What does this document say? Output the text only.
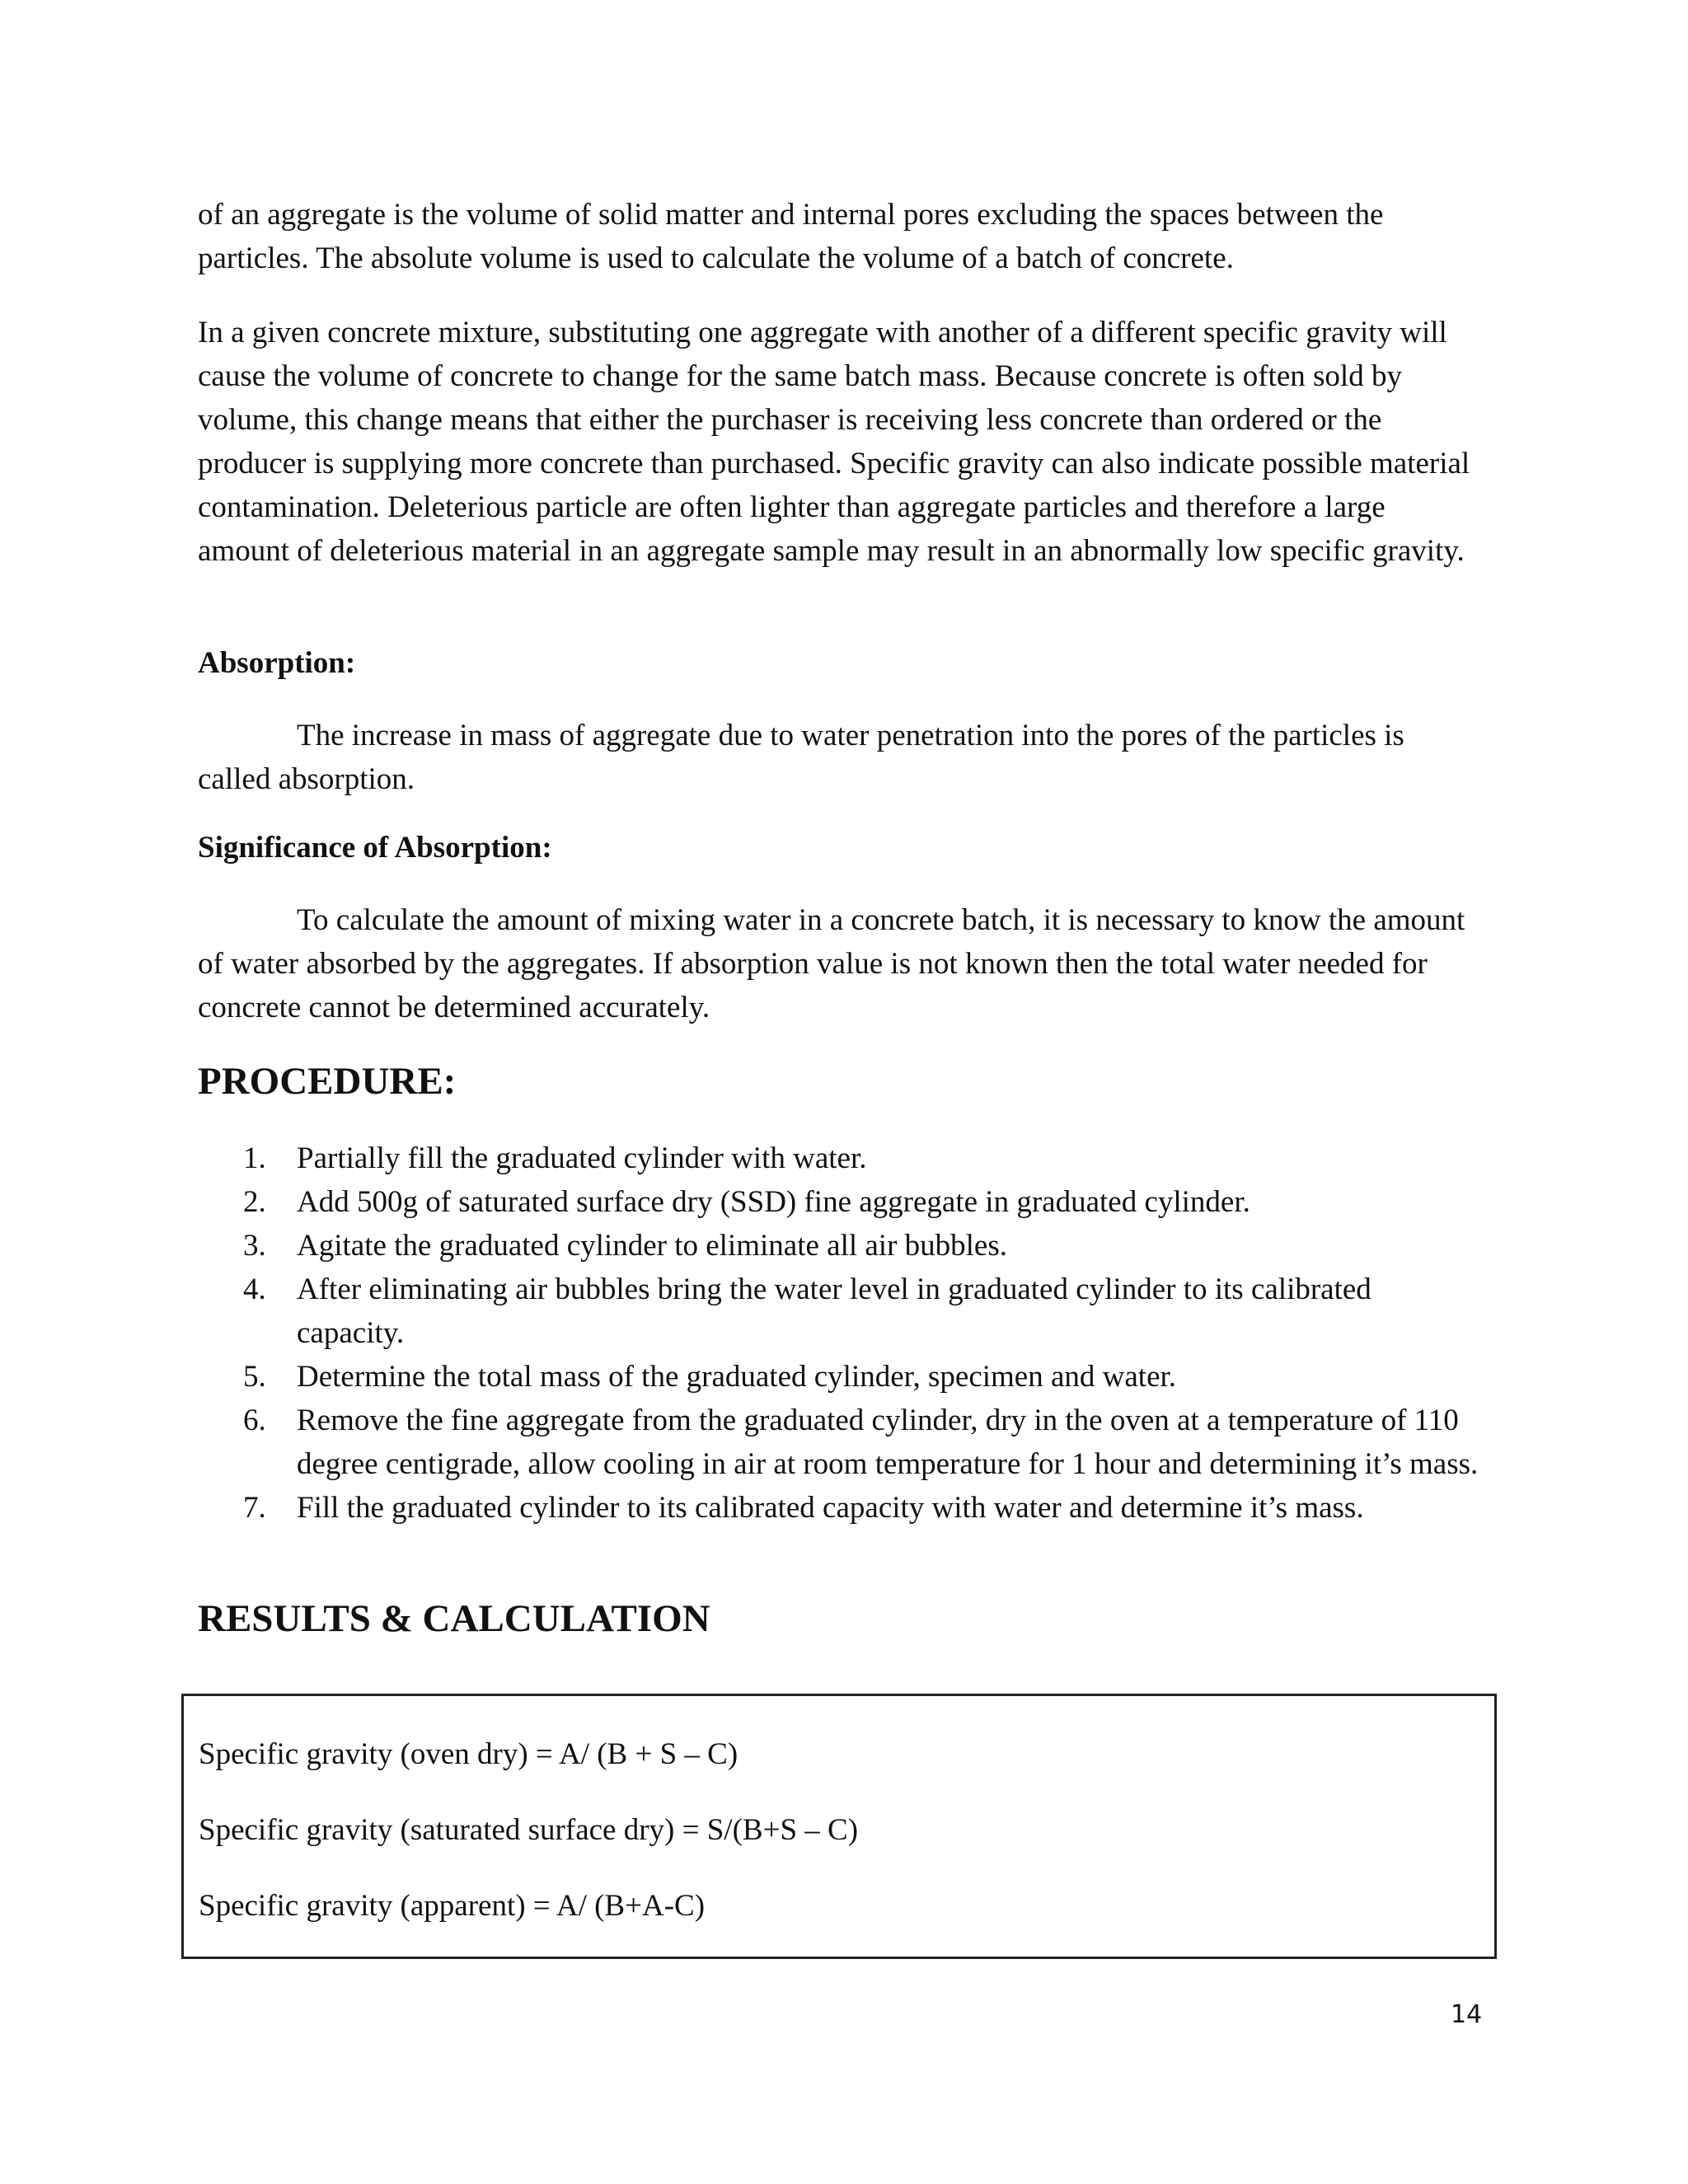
of an aggregate is the volume of solid matter and internal pores excluding the spaces between the particles. The absolute volume is used to calculate the volume of a batch of concrete.

In a given concrete mixture, substituting one aggregate with another of a different specific gravity will cause the volume of concrete to change for the same batch mass. Because concrete is often sold by volume, this change means that either the purchaser is receiving less concrete than ordered or the producer is supplying more concrete than purchased. Specific gravity can also indicate possible material contamination. Deleterious particle are often lighter than aggregate particles and therefore a large amount of deleterious material in an aggregate sample may result in an abnormally low specific gravity.

Absorption:

The increase in mass of aggregate due to water penetration into the pores of the particles is called absorption.

Significance of Absorption:

To calculate the amount of mixing water in a concrete batch, it is necessary to know the amount of water absorbed by the aggregates. If absorption value is not known then the total water needed for concrete cannot be determined accurately.

PROCEDURE:
1. Partially fill the graduated cylinder with water.
2. Add 500g of saturated surface dry (SSD) fine aggregate in graduated cylinder.
3. Agitate the graduated cylinder to eliminate all air bubbles.
4. After eliminating air bubbles bring the water level in graduated cylinder to its calibrated capacity.
5. Determine the total mass of the graduated cylinder, specimen and water.
6. Remove the fine aggregate from the graduated cylinder, dry in the oven at a temperature of 110 degree centigrade, allow cooling in air at room temperature for 1 hour and determining it’s mass.
7. Fill the graduated cylinder to its calibrated capacity with water and determine it’s mass.
RESULTS & CALCULATION
Specific gravity (oven dry) = A/ (B + S – C)
Specific gravity (saturated surface dry) = S/(B+S – C)
Specific gravity (apparent) = A/ (B+A-C)
14
